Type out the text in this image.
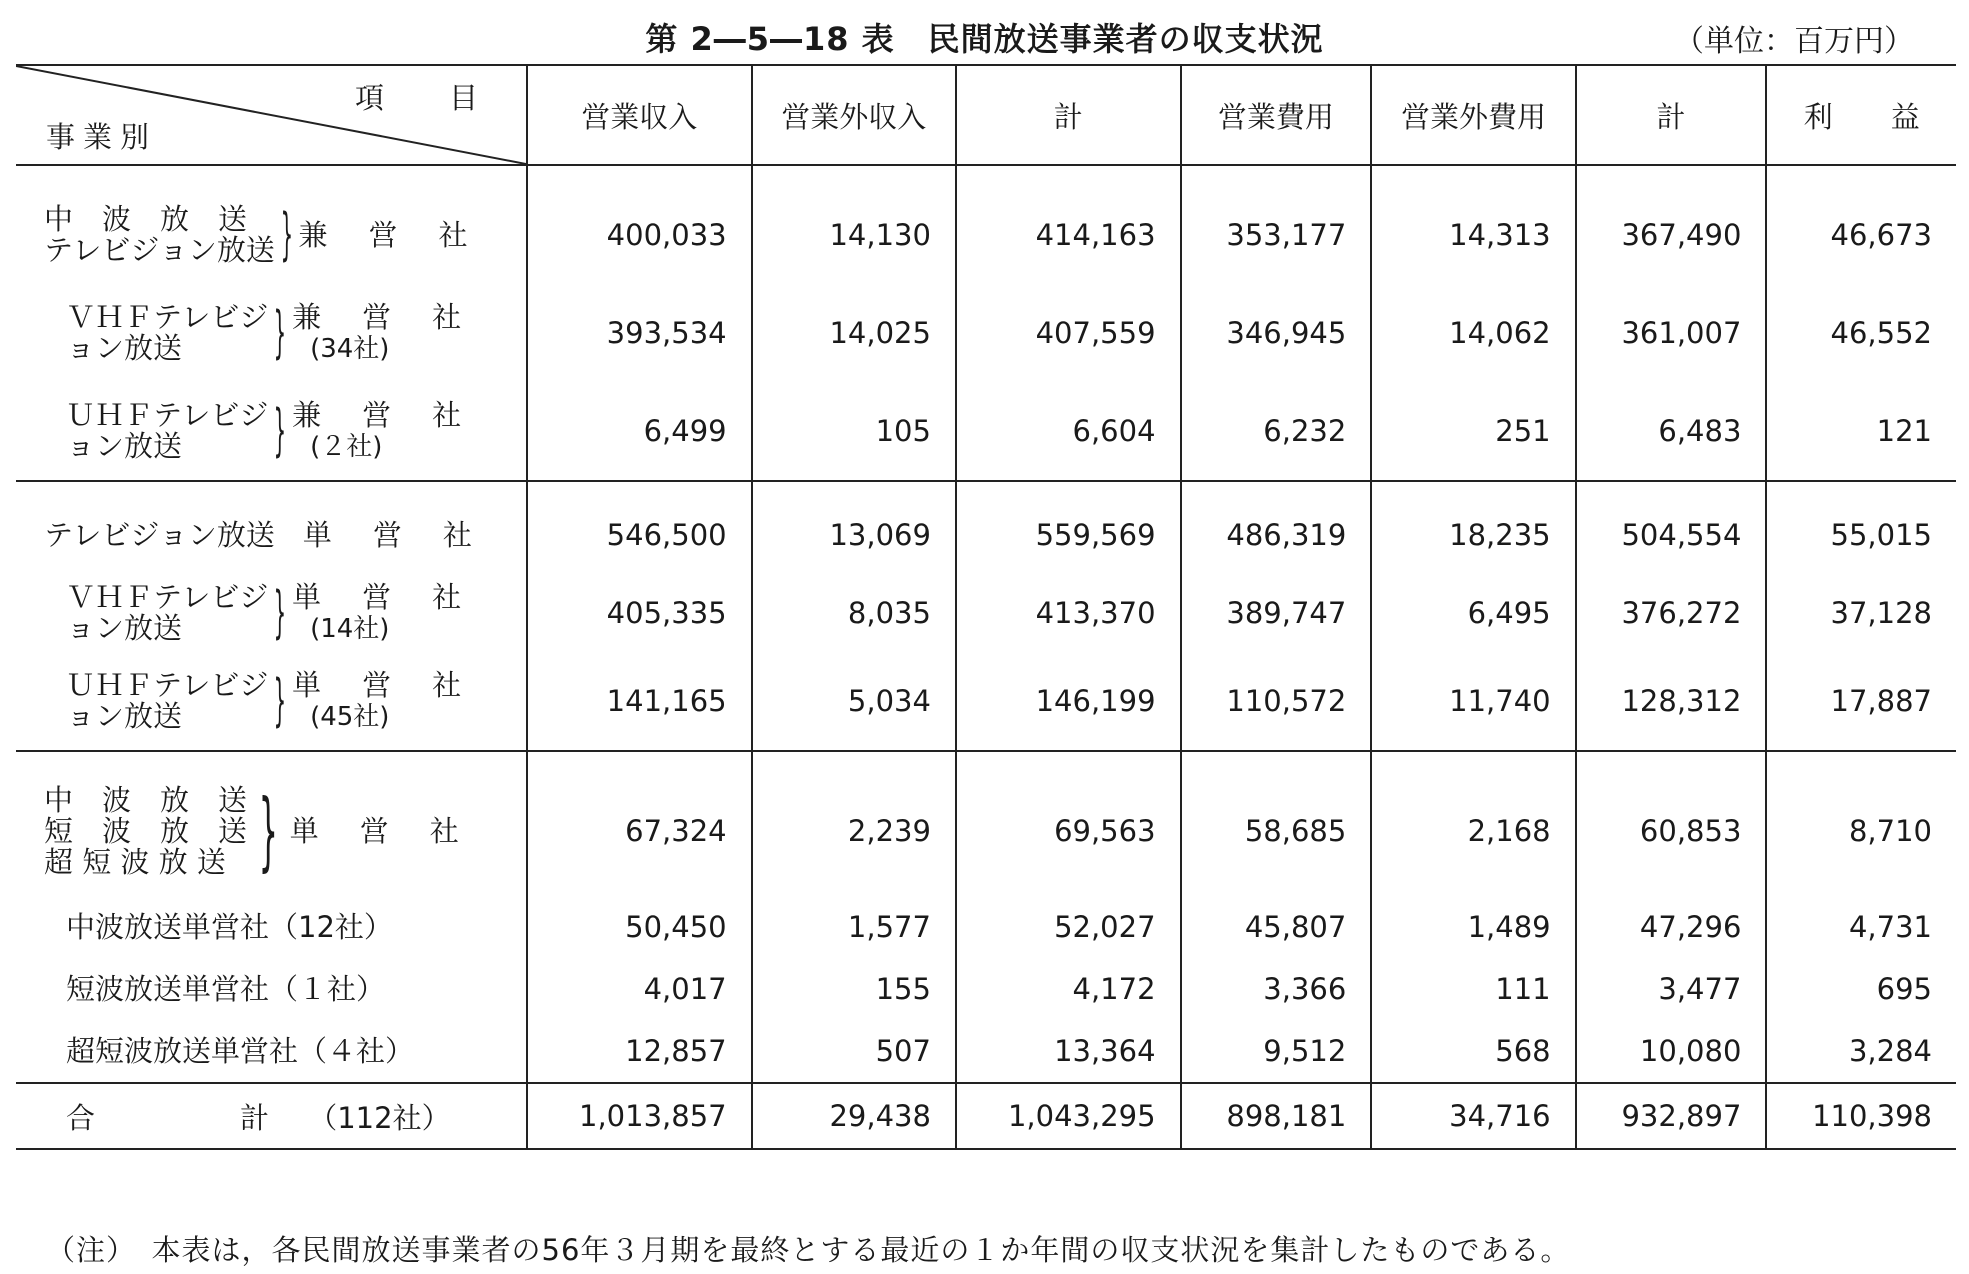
第 2―5―18 表　民間放送事業者の収支状況	（単位：百万円）
項　目
事業別	営業収入	営業外収入	計	営業費用	営業外費用	計	利　　益

中　波　放　送
テレビジョン放送 } 兼　営　社	400,033	14,130	414,163	353,177	14,313	367,490	46,673

ＶＨＦテレビジ
ョン放送 } 兼　営　社
(34社)	393,534	14,025	407,559	346,945	14,062	361,007	46,552

ＵＨＦテレビジ
ョン放送 } 兼　営　社
(２社)	6,499	105	6,604	6,232	251	6,483	121

テレビジョン放送 単　営　社	546,500	13,069	559,569	486,319	18,235	504,554	55,015

ＶＨＦテレビジ
ョン放送 } 単　営　社
(14社)	405,335	8,035	413,370	389,747	6,495	376,272	37,128

ＵＨＦテレビジ
ョン放送 } 単　営　社
(45社)	141,165	5,034	146,199	110,572	11,740	128,312	17,887

中　波　放　送
短　波　放　送
超 短 波 放 送 } 単　営　社	67,324	2,239	69,563	58,685	2,168	60,853	8,710

中波放送単営社（12社）	50,450	1,577	52,027	45,807	1,489	47,296	4,731

短波放送単営社（１社）	4,017	155	4,172	3,366	111	3,477	695

超短波放送単営社（４社）	12,857	507	13,364	9,512	568	10,080	3,284
合　　　　　計 （112社）	1,013,857	29,438	1,043,295	898,181	34,716	932,897	110,398
（注）　本表は，各民間放送事業者の56年３月期を最終とする最近の１か年間の収支状況を集計したものである。
